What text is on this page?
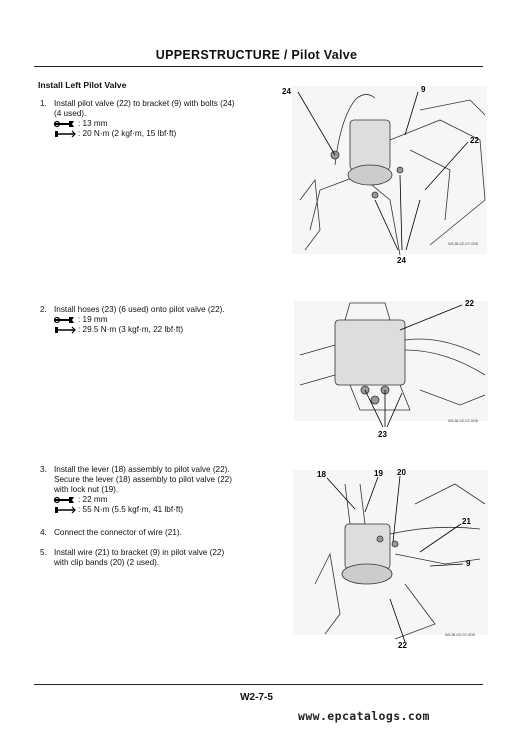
UPPERSTRUCTURE / Pilot Valve
Install Left Pilot Valve
1. Install pilot valve (22) to bracket (9) with bolts (24)
(4 used).
: 13 mm
: 20 N·m (2 kgf·m, 15 lbf·ft)
2. Install hoses (23) (6 used) onto pilot valve (22).
: 19 mm
: 29.5 N·m (3 kgf·m, 22 lbf·ft)
3. Install the lever (18) assembly to pilot valve (22).
Secure the lever (18) assembly to pilot valve (22)
with lock nut (19).
: 22 mm
: 55 N·m (5.5 kgf·m, 41 lbf·ft)
4. Connect the connector of wire (21).
5. Install wire (21) to bracket (9) in pilot valve (22)
with clip bands (20) (2 used).
24	9
22
24
W1J8-02-07-005
22
23
W1J8-02-07-006
18	19 20
21
9
22
W1J8-02-07-005
W2-7-5
www.epcatalogs.com
